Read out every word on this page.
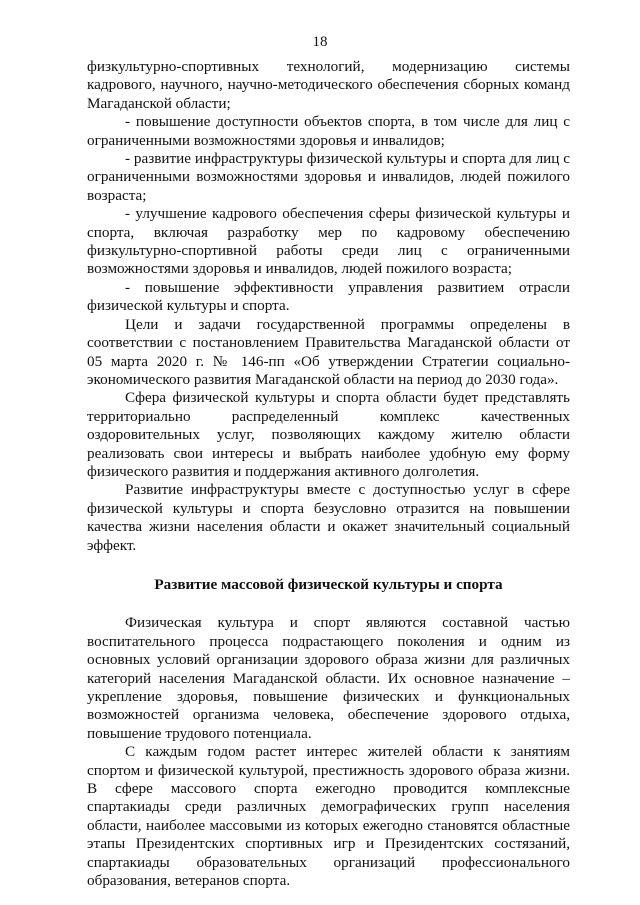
18

физкультурно-спортивных технологий, модернизацию системы кадрового, научного, научно-методического обеспечения сборных команд Магаданской области;

- повышение доступности объектов спорта, в том числе для лиц с ограниченными возможностями здоровья и инвалидов;

- развитие инфраструктуры физической культуры и спорта для лиц с ограниченными возможностями здоровья и инвалидов, людей пожилого возраста;

- улучшение кадрового обеспечения сферы физической культуры и спорта, включая разработку мер по кадровому обеспечению физкультурно-спортивной работы среди лиц с ограниченными возможностями здоровья и инвалидов, людей пожилого возраста;

- повышение эффективности управления развитием отрасли физической культуры и спорта.

Цели и задачи государственной программы определены в соответствии с постановлением Правительства Магаданской области от 05 марта 2020 г. № 146-пп «Об утверждении Стратегии социально-экономического развития Магаданской области на период до 2030 года».

Сфера физической культуры и спорта области будет представлять территориально распределенный комплекс качественных оздоровительных услуг, позволяющих каждому жителю области реализовать свои интересы и выбрать наиболее удобную ему форму физического развития и поддержания активного долголетия.

Развитие инфраструктуры вместе с доступностью услуг в сфере физической культуры и спорта безусловно отразится на повышении качества жизни населения области и окажет значительный социальный эффект.

Развитие массовой физической культуры и спорта

Физическая культура и спорт являются составной частью воспитательного процесса подрастающего поколения и одним из основных условий организации здорового образа жизни для различных категорий населения Магаданской области. Их основное назначение – укрепление здоровья, повышение физических и функциональных возможностей организма человека, обеспечение здорового отдыха, повышение трудового потенциала.

С каждым годом растет интерес жителей области к занятиям спортом и физической культурой, престижность здорового образа жизни. В сфере массового спорта ежегодно проводится комплексные спартакиады среди различных демографических групп населения области, наиболее массовыми из которых ежегодно становятся областные этапы Президентских спортивных игр и Президентских состязаний, спартакиады образовательных организаций профессионального образования, ветеранов спорта.
